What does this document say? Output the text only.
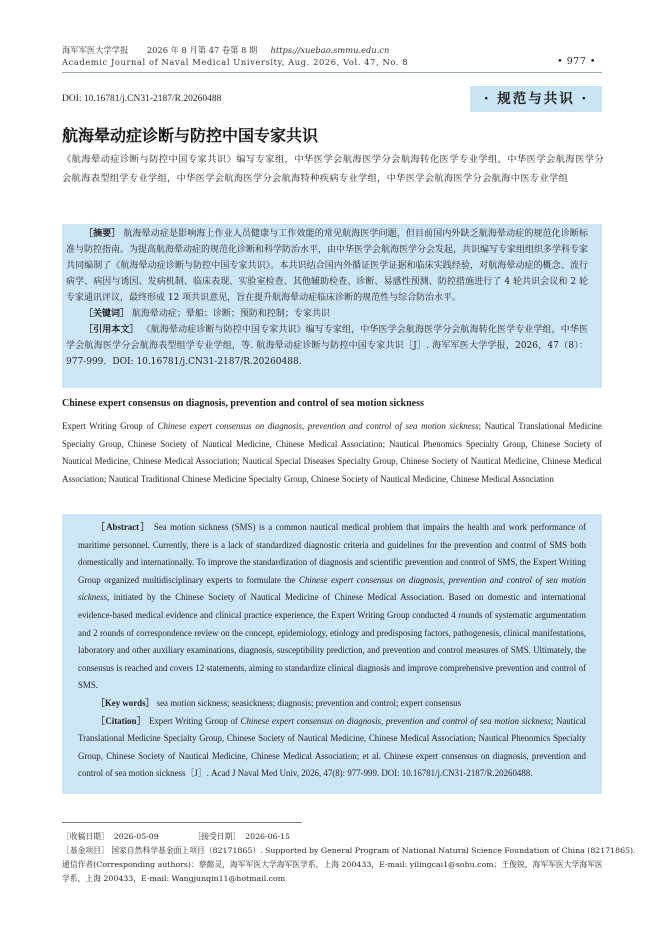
海军军医大学学报 2026 年 8 月第 47 卷第 8 期 https://xuebao.smmu.edu.cn
Academic Journal of Naval Medical University, Aug. 2026, Vol. 47, No. 8	• 977 •
DOI: 10.16781/j.CN31-2187/R.20260488	· 规范与共识 ·
航海晕动症诊断与防控中国专家共识
《航海晕动症诊断与防控中国专家共识》编写专家组，中华医学会航海医学分会航海转化医学专业学组，中华医学会航海医学分会航海表型组学专业学组，中华医学会航海医学分会航海特种疾病专业学组，中华医学会航海医学分会航海中医专业学组

［摘要］ 航海晕动症是影响海上作业人员健康与工作效能的常见航海医学问题，但目前国内外缺乏航海晕动症的规范化诊断标准与防控指南。为提高航海晕动症的规范化诊断和科学防治水平，由中华医学会航海医学分会发起，共识编写专家组组织多学科专家共同编制了《航海晕动症诊断与防控中国专家共识》。本共识结合国内外循证医学证据和临床实践经验，对航海晕动症的概念、流行病学、病因与诱因、发病机制、临床表现、实验室检查、其他辅助检查、诊断、易感性预测、防控措施进行了 4 轮共识会议和 2 轮专家通讯评议，最终形成 12 项共识意见，旨在提升航海晕动症临床诊断的规范性与综合防治水平。

［关键词］ 航海晕动症；晕船；诊断；预防和控制；专家共识

［引用本文］ 《航海晕动症诊断与防控中国专家共识》编写专家组，中华医学会航海医学分会航海转化医学专业学组，中华医学会航海医学分会航海表型组学专业学组，等. 航海晕动症诊断与防控中国专家共识［J］. 海军军医大学学报，2026，47（8）：977-999．DOI: 10.16781/j.CN31-2187/R.20260488.

Chinese expert consensus on diagnosis, prevention and control of sea motion sickness
Expert Writing Group of Chinese expert consensus on diagnosis, prevention and control of sea motion sickness; Nautical Translational Medicine Specialty Group, Chinese Society of Nautical Medicine, Chinese Medical Association; Nautical Phenomics Specialty Group, Chinese Society of Nautical Medicine, Chinese Medical Association; Nautical Special Diseases Specialty Group, Chinese Society of Nautical Medicine, Chinese Medical Association; Nautical Traditional Chinese Medicine Specialty Group, Chinese Society of Nautical Medicine, Chinese Medical Association

［Abstract］ Sea motion sickness (SMS) is a common nautical medical problem that impairs the health and work performance of maritime personnel. Currently, there is a lack of standardized diagnostic criteria and guidelines for the prevention and control of SMS both domestically and internationally. To improve the standardization of diagnosis and scientific prevention and control of SMS, the Expert Writing Group organized multidisciplinary experts to formulate the Chinese expert consensus on diagnosis, prevention and control of sea motion sickness, initiated by the Chinese Society of Nautical Medicine of Chinese Medical Association. Based on domestic and international evidence-based medical evidence and clinical practice experience, the Expert Writing Group conducted 4 rounds of systematic argumentation and 2 rounds of correspondence review on the concept, epidemiology, etiology and predisposing factors, pathogenesis, clinical manifestations, laboratory and other auxiliary examinations, diagnosis, susceptibility prediction, and prevention and control measures of SMS. Ultimately, the consensus is reached and covers 12 statements, aiming to standardize clinical diagnosis and improve comprehensive prevention and control of SMS.

［Key words］ sea motion sickness; seasickness; diagnosis; prevention and control; expert consensus

［Citation］ Expert Writing Group of Chinese expert consensus on diagnosis, prevention and control of sea motion sickness; Nautical Translational Medicine Specialty Group, Chinese Society of Nautical Medicine, Chinese Medical Association; Nautical Phenomics Specialty Group, Chinese Society of Nautical Medicine, Chinese Medical Association; et al. Chinese expert consensus on diagnosis, prevention and control of sea motion sickness［J］. Acad J Naval Med Univ, 2026, 47(8): 977-999. DOI: 10.16781/j.CN31-2187/R.20260488.

［收稿日期］ 2026-05-09	［接受日期］ 2026-06-15
［基金项目］ 国家自然科学基金面上项目（82171865）. Supported by General Program of National Natural Science Foundation of China (82171865).
通信作者(Corresponding authors)：蔡懿灵，海军军医大学海军医学系，上海 200433，E-mail: yilingcai1@sohu.com；王俊锐，海军军医大学海军医
学系，上海 200433，E-mail: Wangjunqin11@hotmail.com
